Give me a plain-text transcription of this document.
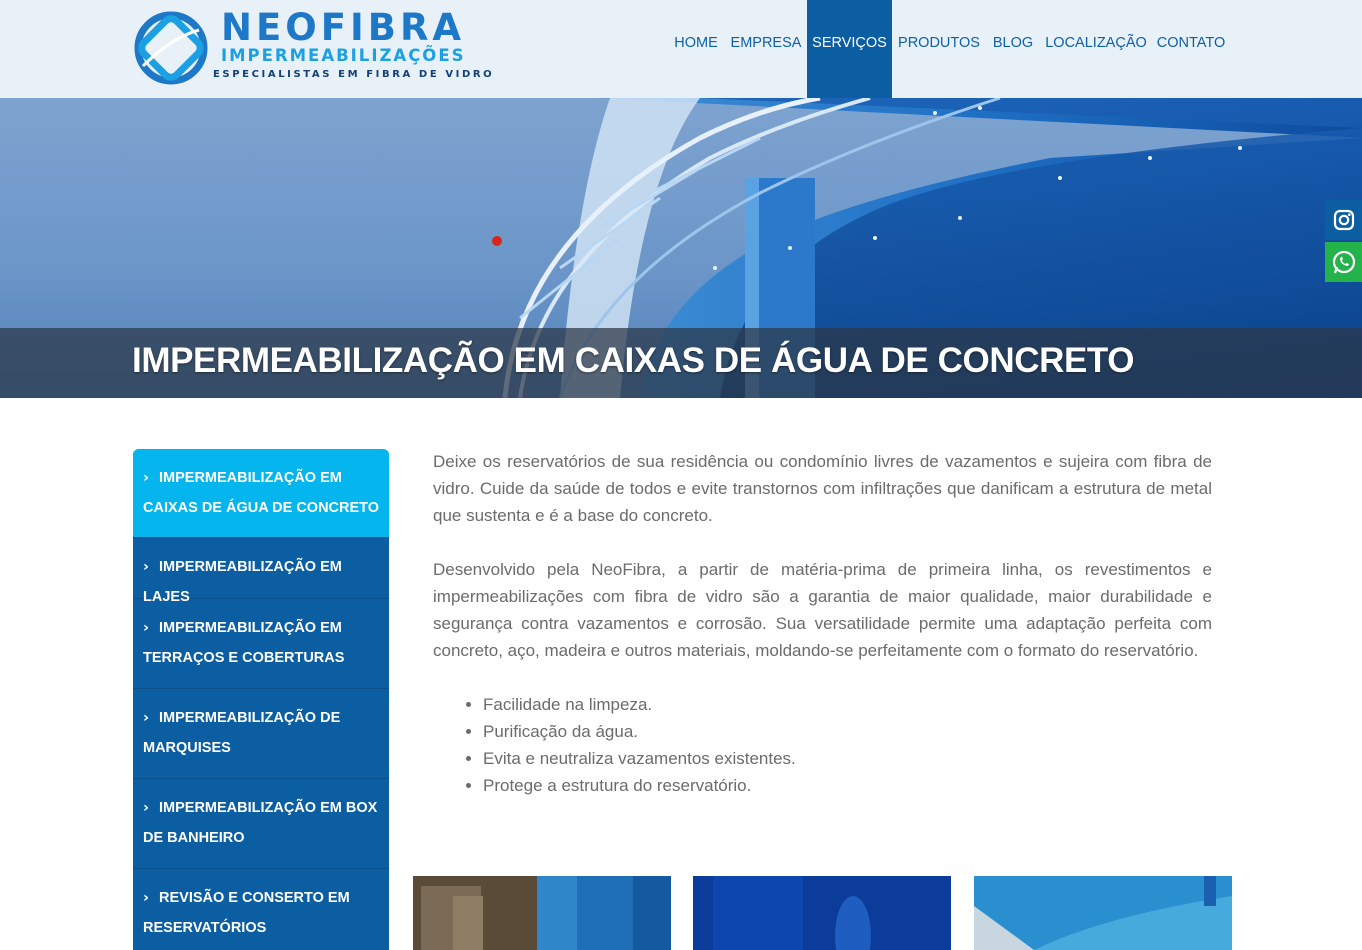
NEOFIBRA
IMPERMEABILIZAÇÕES
ESPECIALISTAS EM FIBRA DE VIDRO
HOME EMPRESA SERVIÇOS PRODUTOS BLOG LOCALIZAÇÃO CONTATO
IMPERMEABILIZAÇÃO EM CAIXAS DE ÁGUA DE CONCRETO
› IMPERMEABILIZAÇÃO EM
CAIXAS DE ÁGUA DE CONCRETO
› IMPERMEABILIZAÇÃO EM LAJES
› IMPERMEABILIZAÇÃO EM
TERRAÇOS E COBERTURAS
› IMPERMEABILIZAÇÃO DE
MARQUISES
› IMPERMEABILIZAÇÃO EM BOX
DE BANHEIRO
› REVISÃO E CONSERTO EM
RESERVATÓRIOS

Deixe os reservatórios de sua residência ou condomínio livres de vazamentos e sujeira com fibra de vidro. Cuide da saúde de todos e evite transtornos com infiltrações que danificam a estrutura de metal que sustenta e é a base do concreto.

Desenvolvido pela NeoFibra, a partir de matéria-prima de primeira linha, os revestimentos e impermeabilizações com fibra de vidro são a garantia de maior qualidade, maior durabilidade e segurança contra vazamentos e corrosão. Sua versatilidade permite uma adaptação perfeita com concreto, aço, madeira e outros materiais, moldando-se perfeitamente com o formato do reservatório.

• Facilidade na limpeza.
• Purificação da água.
• Evita e neutraliza vazamentos existentes.
• Protege a estrutura do reservatório.
